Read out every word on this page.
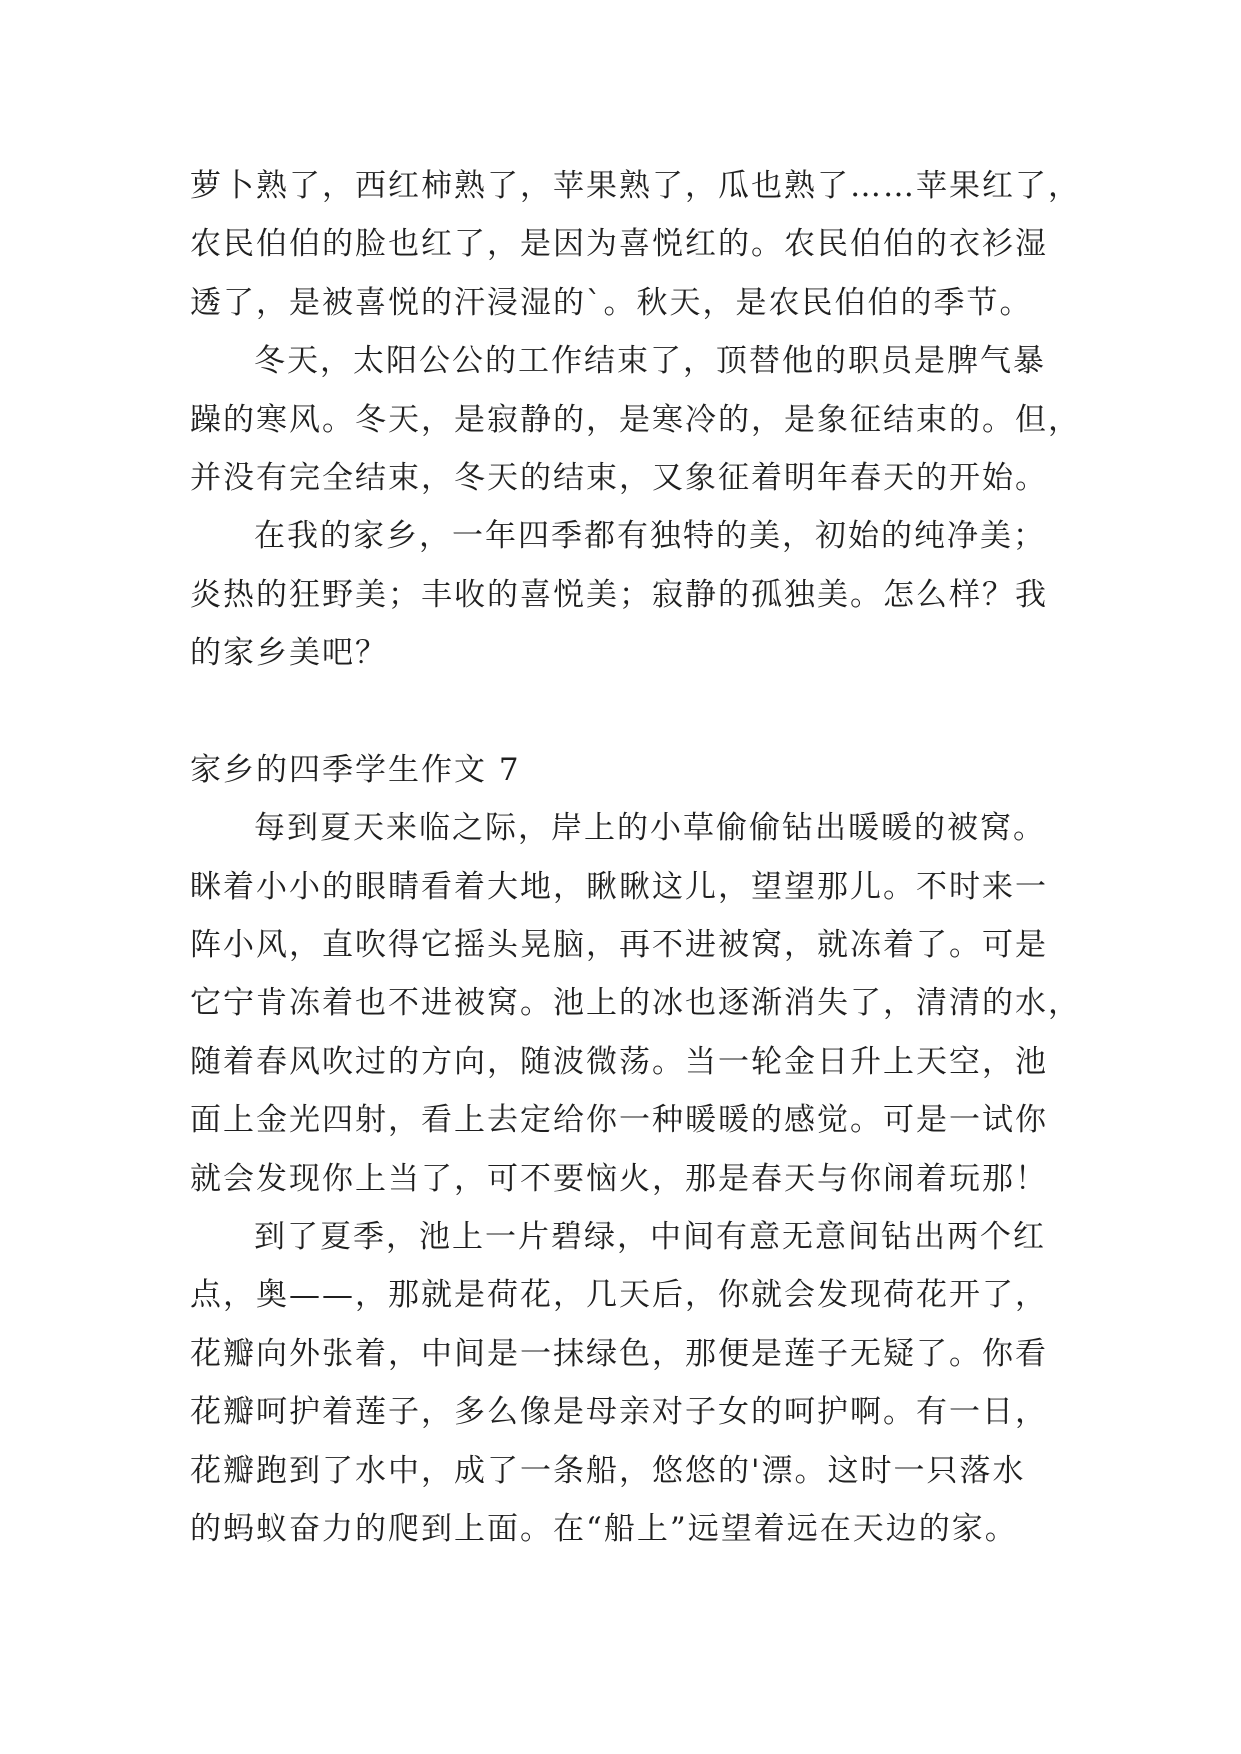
萝卜熟了，西红柿熟了，苹果熟了，瓜也熟了……苹果红了，
农民伯伯的脸也红了，是因为喜悦红的。农民伯伯的衣衫湿
透了，是被喜悦的汗浸湿的`。秋天，是农民伯伯的季节。
冬天，太阳公公的工作结束了，顶替他的职员是脾气暴
躁的寒风。冬天，是寂静的，是寒冷的，是象征结束的。但，
并没有完全结束，冬天的结束，又象征着明年春天的开始。
在我的家乡，一年四季都有独特的美，初始的纯净美；
炎热的狂野美；丰收的喜悦美；寂静的孤独美。怎么样？我
的家乡美吧？
家乡的四季学生作文 7
每到夏天来临之际，岸上的小草偷偷钻出暖暖的被窝。
眯着小小的眼睛看着大地，瞅瞅这儿，望望那儿。不时来一
阵小风，直吹得它摇头晃脑，再不进被窝，就冻着了。可是
它宁肯冻着也不进被窝。池上的冰也逐渐消失了，清清的水，
随着春风吹过的方向，随波微荡。当一轮金日升上天空，池
面上金光四射，看上去定给你一种暖暖的感觉。可是一试你
就会发现你上当了，可不要恼火，那是春天与你闹着玩那！
到了夏季，池上一片碧绿，中间有意无意间钻出两个红
点，奥——，那就是荷花，几天后，你就会发现荷花开了，
花瓣向外张着，中间是一抹绿色，那便是莲子无疑了。你看
花瓣呵护着莲子，多么像是母亲对子女的呵护啊。有一日，
花瓣跑到了水中，成了一条船，悠悠的'漂。这时一只落水
的蚂蚁奋力的爬到上面。在“船上”远望着远在天边的家。
